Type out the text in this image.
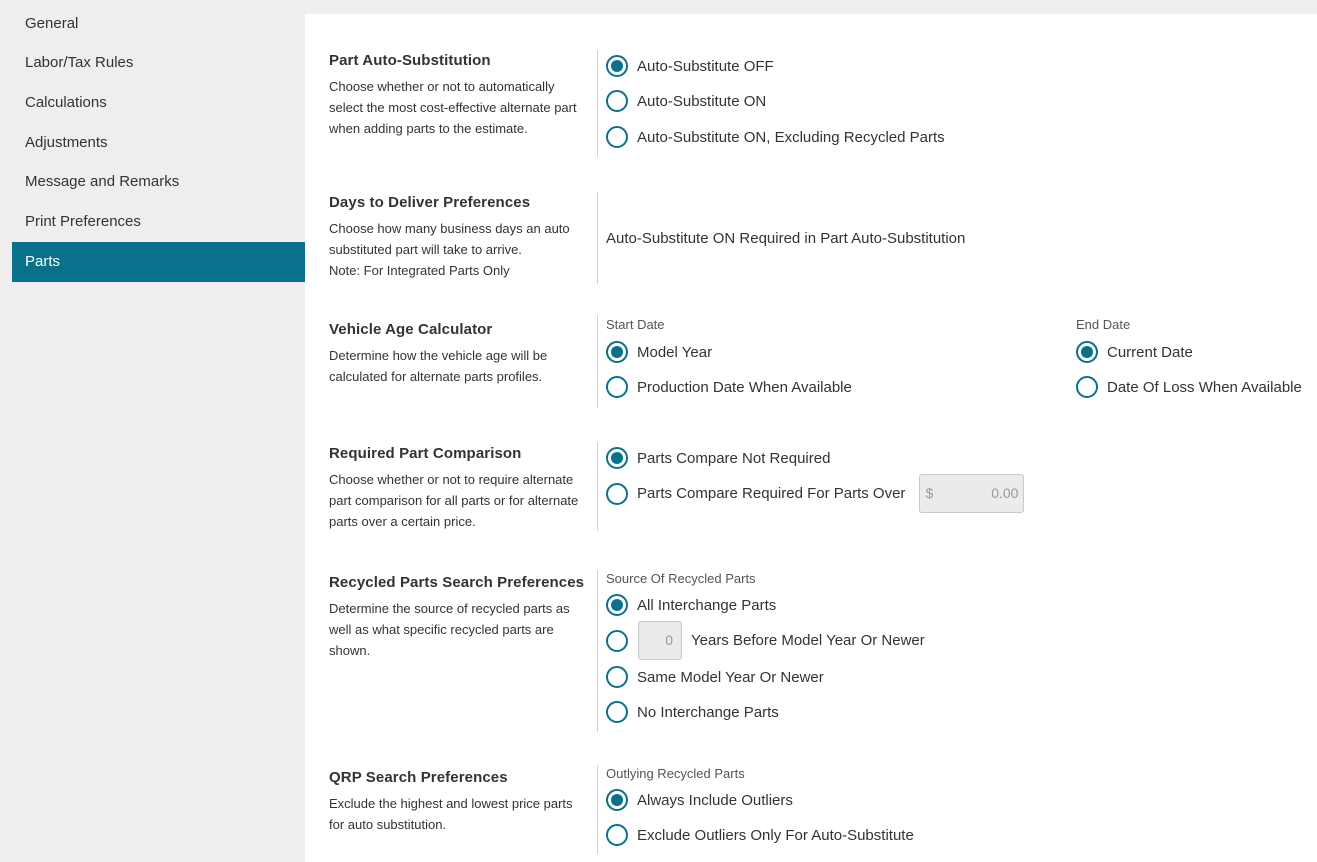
General
Labor/Tax Rules
Calculations
Adjustments
Message and Remarks
Print Preferences
Parts
Part Auto-Substitution
Choose whether or not to automatically select the most cost-effective alternate part when adding parts to the estimate.
Auto-Substitute OFF
Auto-Substitute ON
Auto-Substitute ON, Excluding Recycled Parts
Days to Deliver Preferences
Choose how many business days an auto substituted part will take to arrive.
Note: For Integrated Parts Only
Auto-Substitute ON Required in Part Auto-Substitution
Vehicle Age Calculator
Determine how the vehicle age will be calculated for alternate parts profiles.
Start Date
Model Year
Production Date When Available
End Date
Current Date
Date Of Loss When Available
Required Part Comparison
Choose whether or not to require alternate part comparison for all parts or for alternate parts over a certain price.
Parts Compare Not Required
Parts Compare Required For Parts Over $	0.00
Recycled Parts Search Preferences
Determine the source of recycled parts as well as what specific recycled parts are shown.
Source Of Recycled Parts
All Interchange Parts
0 Years Before Model Year Or Newer
Same Model Year Or Newer
No Interchange Parts
QRP Search Preferences
Exclude the highest and lowest price parts for auto substitution.
Outlying Recycled Parts
Always Include Outliers
Exclude Outliers Only For Auto-Substitute
